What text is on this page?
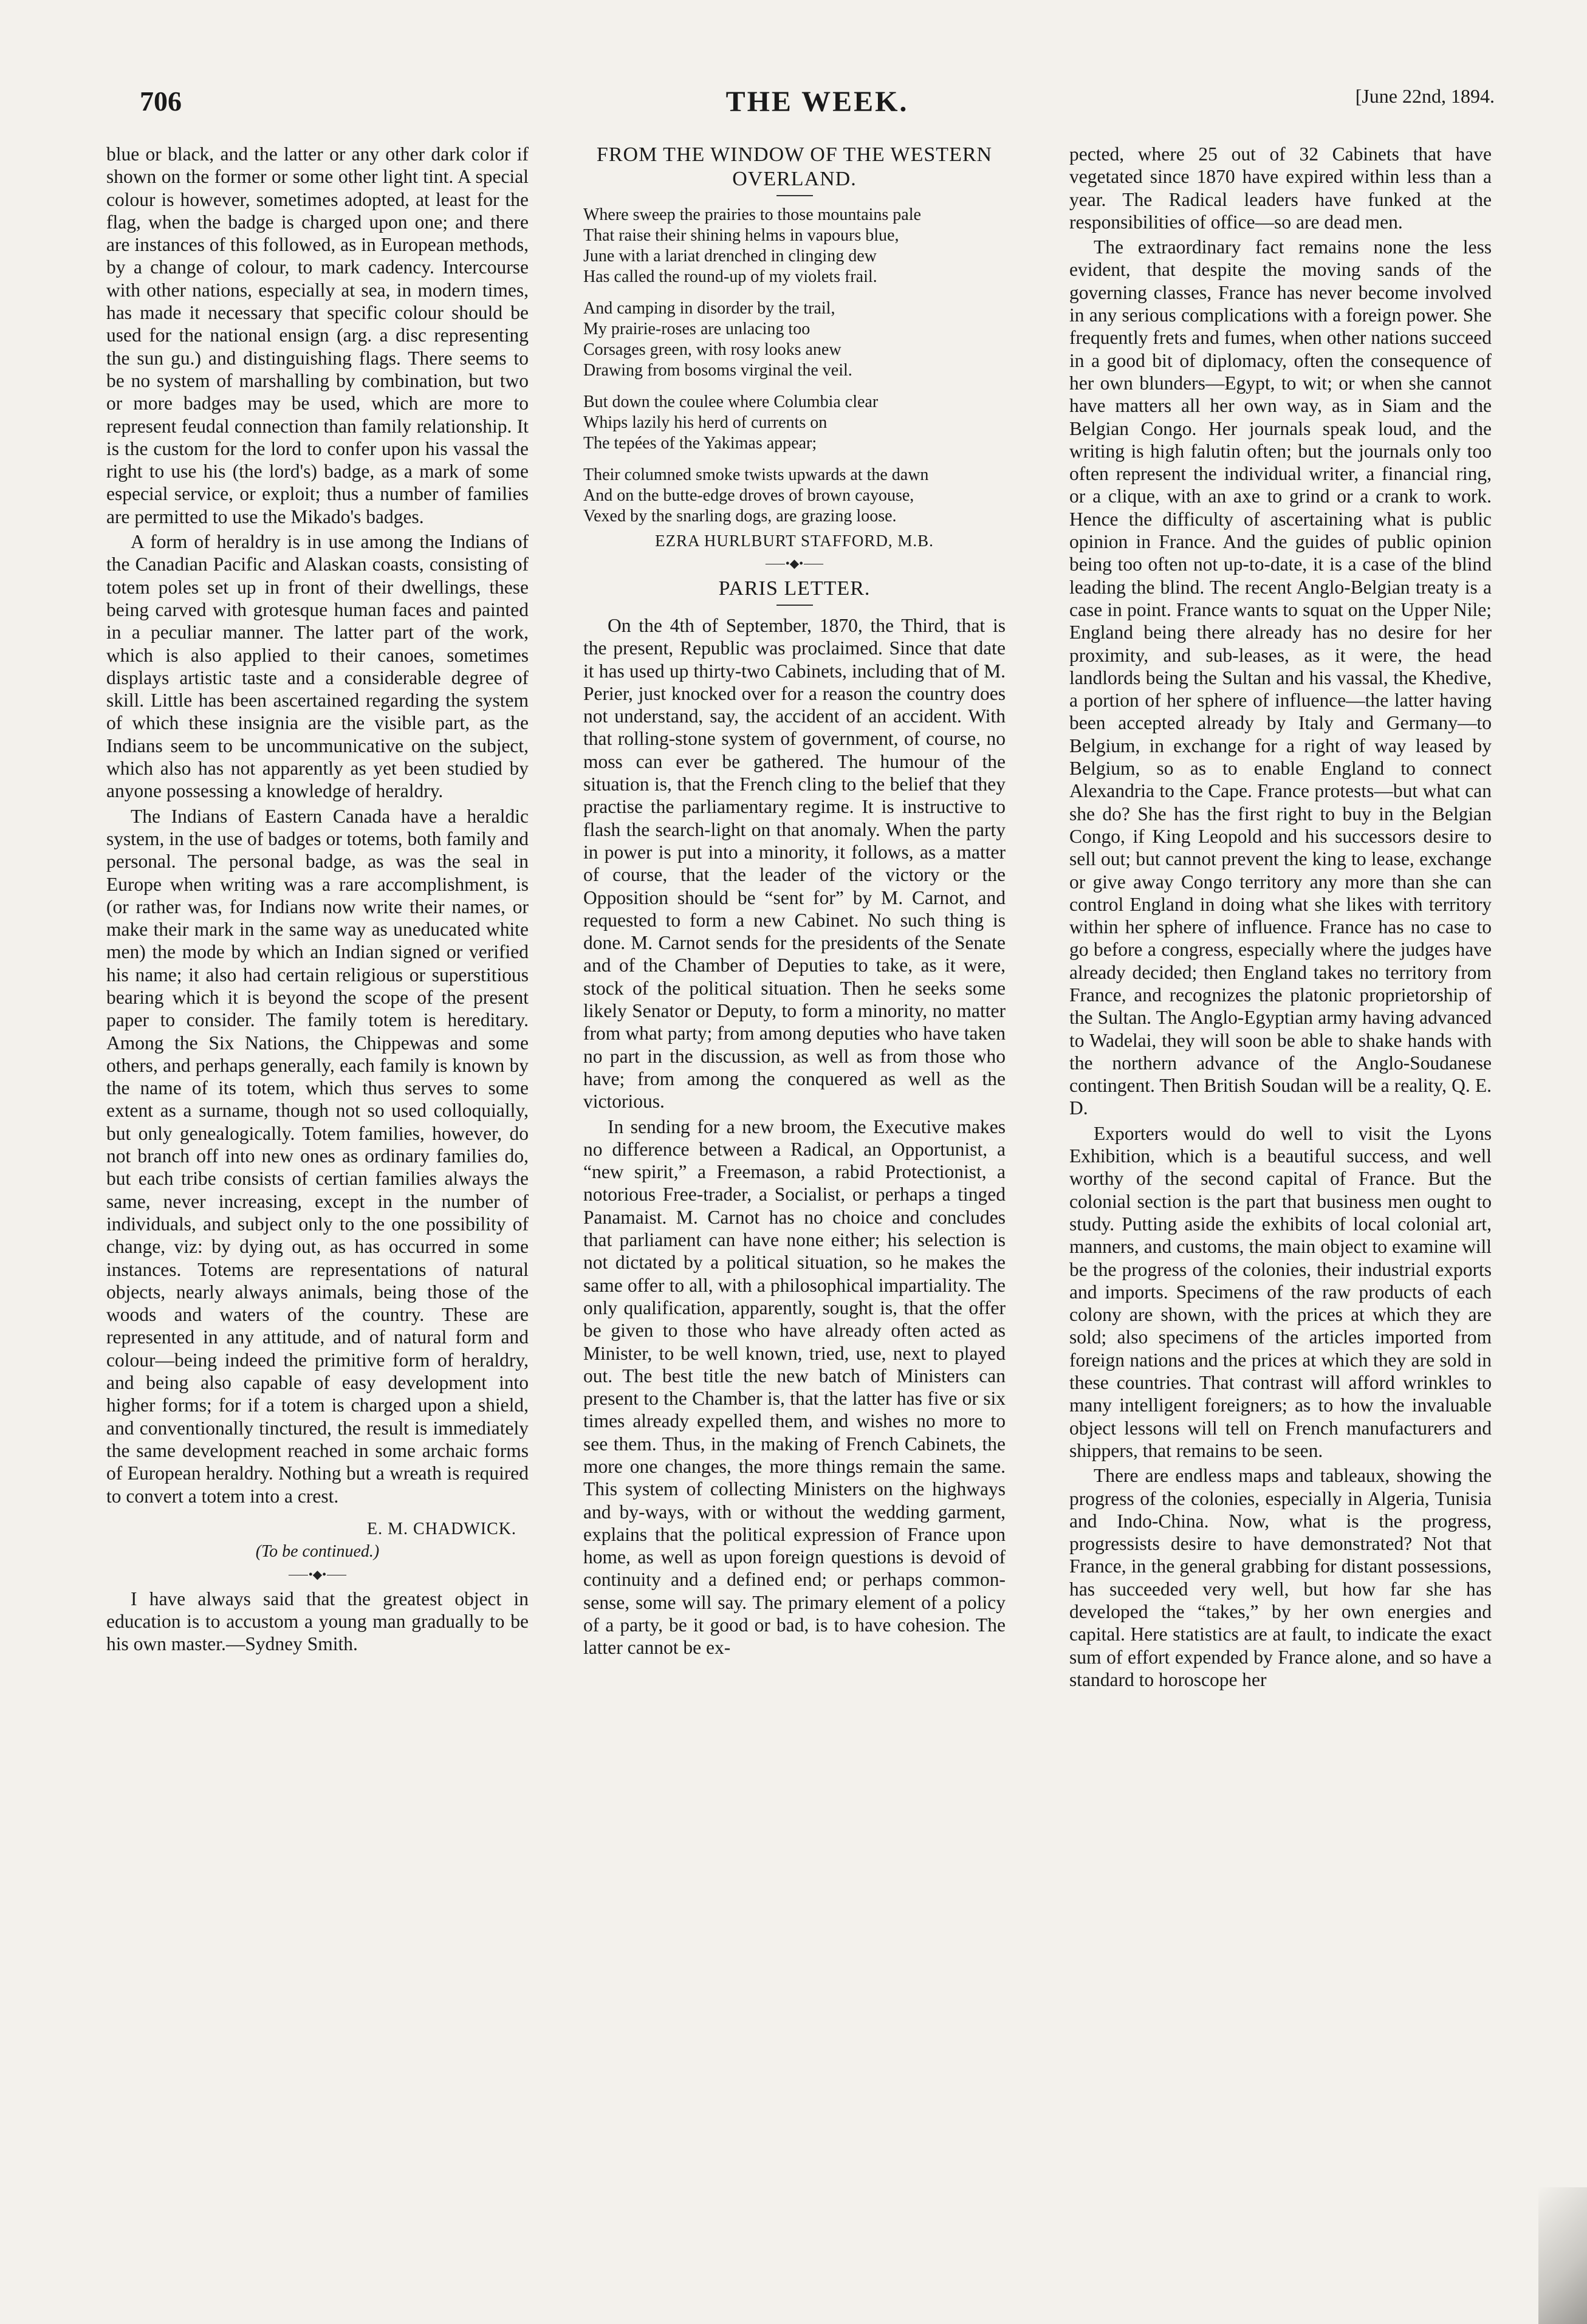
706	THE WEEK.	[June 22nd, 1894.

blue or black, and the latter or any other dark color if shown on the former or some other light tint. A special colour is however, sometimes adopted, at least for the flag, when the badge is charged upon one; and there are instances of this followed, as in European methods, by a change of colour, to mark cadency. Intercourse with other nations, especially at sea, in modern times, has made it necessary that specific colour should be used for the national ensign (arg. a disc representing the sun gu.) and distinguishing flags. There seems to be no system of marshalling by combination, but two or more badges may be used, which are more to represent feudal connection than family relationship. It is the custom for the lord to confer upon his vassal the right to use his (the lord's) badge, as a mark of some especial service, or exploit; thus a number of families are permitted to use the Mikado's badges.

A form of heraldry is in use among the Indians of the Canadian Pacific and Alaskan coasts, consisting of totem poles set up in front of their dwellings, these being carved with grotesque human faces and painted in a peculiar manner. The latter part of the work, which is also applied to their canoes, sometimes displays artistic taste and a considerable degree of skill. Little has been ascertained regarding the system of which these insignia are the visible part, as the Indians seem to be uncommunicative on the subject, which also has not apparently as yet been studied by anyone possessing a knowledge of heraldry.

The Indians of Eastern Canada have a heraldic system, in the use of badges or totems, both family and personal. The personal badge, as was the seal in Europe when writing was a rare accomplishment, is (or rather was, for Indians now write their names, or make their mark in the same way as uneducated white men) the mode by which an Indian signed or verified his name; it also had certain religious or superstitious bearing which it is beyond the scope of the present paper to consider. The family totem is hereditary. Among the Six Nations, the Chippewas and some others, and perhaps generally, each family is known by the name of its totem, which thus serves to some extent as a surname, though not so used colloquially, but only genealogically. Totem families, however, do not branch off into new ones as ordinary families do, but each tribe consists of certian families always the same, never increasing, except in the number of individuals, and subject only to the one possibility of change, viz: by dying out, as has occurred in some instances. Totems are representations of natural objects, nearly always animals, being those of the woods and waters of the country. These are represented in any attitude, and of natural form and colour—being indeed the primitive form of heraldry, and being also capable of easy development into higher forms; for if a totem is charged upon a shield, and conventionally tinctured, the result is immediately the same development reached in some archaic forms of European heraldry. Nothing but a wreath is required to convert a totem into a crest.

E. M. CHADWICK.
(To be continued.)
⸺•◆•⸺

I have always said that the greatest object in education is to accustom a young man gradually to be his own master.—Sydney Smith.

FROM THE WINDOW OF THE WESTERN OVERLAND.
Where sweep the prairies to those mountains pale
That raise their shining helms in vapours blue,
June with a lariat drenched in clinging dew
Has called the round-up of my violets frail.
And camping in disorder by the trail,
My prairie-roses are unlacing too
Corsages green, with rosy looks anew
Drawing from bosoms virginal the veil.
But down the coulee where Columbia clear
Whips lazily his herd of currents on
The tepées of the Yakimas appear;
Their columned smoke twists upwards at the dawn
And on the butte-edge droves of brown cayouse,
Vexed by the snarling dogs, are grazing loose.
EZRA HURLBURT STAFFORD, M.B.
⸺•◆•⸺
PARIS LETTER.

On the 4th of September, 1870, the Third, that is the present, Republic was proclaimed. Since that date it has used up thirty-two Cabinets, including that of M. Perier, just knocked over for a reason the country does not understand, say, the accident of an accident. With that rolling-stone system of government, of course, no moss can ever be gathered. The humour of the situation is, that the French cling to the belief that they practise the parliamentary regime. It is instructive to flash the search-light on that anomaly. When the party in power is put into a minority, it follows, as a matter of course, that the leader of the victory or the Opposition should be “sent for” by M. Carnot, and requested to form a new Cabinet. No such thing is done. M. Carnot sends for the presidents of the Senate and of the Chamber of Deputies to take, as it were, stock of the political situation. Then he seeks some likely Senator or Deputy, to form a minority, no matter from what party; from among deputies who have taken no part in the discussion, as well as from those who have; from among the conquered as well as the victorious.

In sending for a new broom, the Executive makes no difference between a Radical, an Opportunist, a “new spirit,” a Freemason, a rabid Protectionist, a notorious Free-trader, a Socialist, or perhaps a tinged Panamaist. M. Carnot has no choice and concludes that parliament can have none either; his selection is not dictated by a political situation, so he makes the same offer to all, with a philosophical impartiality. The only qualification, apparently, sought is, that the offer be given to those who have already often acted as Minister, to be well known, tried, use, next to played out. The best title the new batch of Ministers can present to the Chamber is, that the latter has five or six times already expelled them, and wishes no more to see them. Thus, in the making of French Cabinets, the more one changes, the more things remain the same. This system of collecting Ministers on the highways and by-ways, with or without the wedding garment, explains that the political expression of France upon home, as well as upon foreign questions is devoid of continuity and a defined end; or perhaps common-sense, some will say. The primary element of a policy of a party, be it good or bad, is to have cohesion. The latter cannot be ex-

pected, where 25 out of 32 Cabinets that have vegetated since 1870 have expired within less than a year. The Radical leaders have funked at the responsibilities of office—so are dead men.

The extraordinary fact remains none the less evident, that despite the moving sands of the governing classes, France has never become involved in any serious complications with a foreign power. She frequently frets and fumes, when other nations succeed in a good bit of diplomacy, often the consequence of her own blunders—Egypt, to wit; or when she cannot have matters all her own way, as in Siam and the Belgian Congo. Her journals speak loud, and the writing is high falutin often; but the journals only too often represent the individual writer, a financial ring, or a clique, with an axe to grind or a crank to work. Hence the difficulty of ascertaining what is public opinion in France. And the guides of public opinion being too often not up-to-date, it is a case of the blind leading the blind. The recent Anglo-Belgian treaty is a case in point. France wants to squat on the Upper Nile; England being there already has no desire for her proximity, and sub-leases, as it were, the head landlords being the Sultan and his vassal, the Khedive, a portion of her sphere of influence—the latter having been accepted already by Italy and Germany—to Belgium, in exchange for a right of way leased by Belgium, so as to enable England to connect Alexandria to the Cape. France protests—but what can she do? She has the first right to buy in the Belgian Congo, if King Leopold and his successors desire to sell out; but cannot prevent the king to lease, exchange or give away Congo territory any more than she can control England in doing what she likes with territory within her sphere of influence. France has no case to go before a congress, especially where the judges have already decided; then England takes no territory from France, and recognizes the platonic proprietorship of the Sultan. The Anglo-Egyptian army having advanced to Wadelai, they will soon be able to shake hands with the northern advance of the Anglo-Soudanese contingent. Then British Soudan will be a reality, Q. E. D.

Exporters would do well to visit the Lyons Exhibition, which is a beautiful success, and well worthy of the second capital of France. But the colonial section is the part that business men ought to study. Putting aside the exhibits of local colonial art, manners, and customs, the main object to examine will be the progress of the colonies, their industrial exports and imports. Specimens of the raw products of each colony are shown, with the prices at which they are sold; also specimens of the articles imported from foreign nations and the prices at which they are sold in these countries. That contrast will afford wrinkles to many intelligent foreigners; as to how the invaluable object lessons will tell on French manufacturers and shippers, that remains to be seen.

There are endless maps and tableaux, showing the progress of the colonies, especially in Algeria, Tunisia and Indo-China. Now, what is the progress, progressists desire to have demonstrated? Not that France, in the general grabbing for distant possessions, has succeeded very well, but how far she has developed the “takes,” by her own energies and capital. Here statistics are at fault, to indicate the exact sum of effort expended by France alone, and so have a standard to horoscope her
